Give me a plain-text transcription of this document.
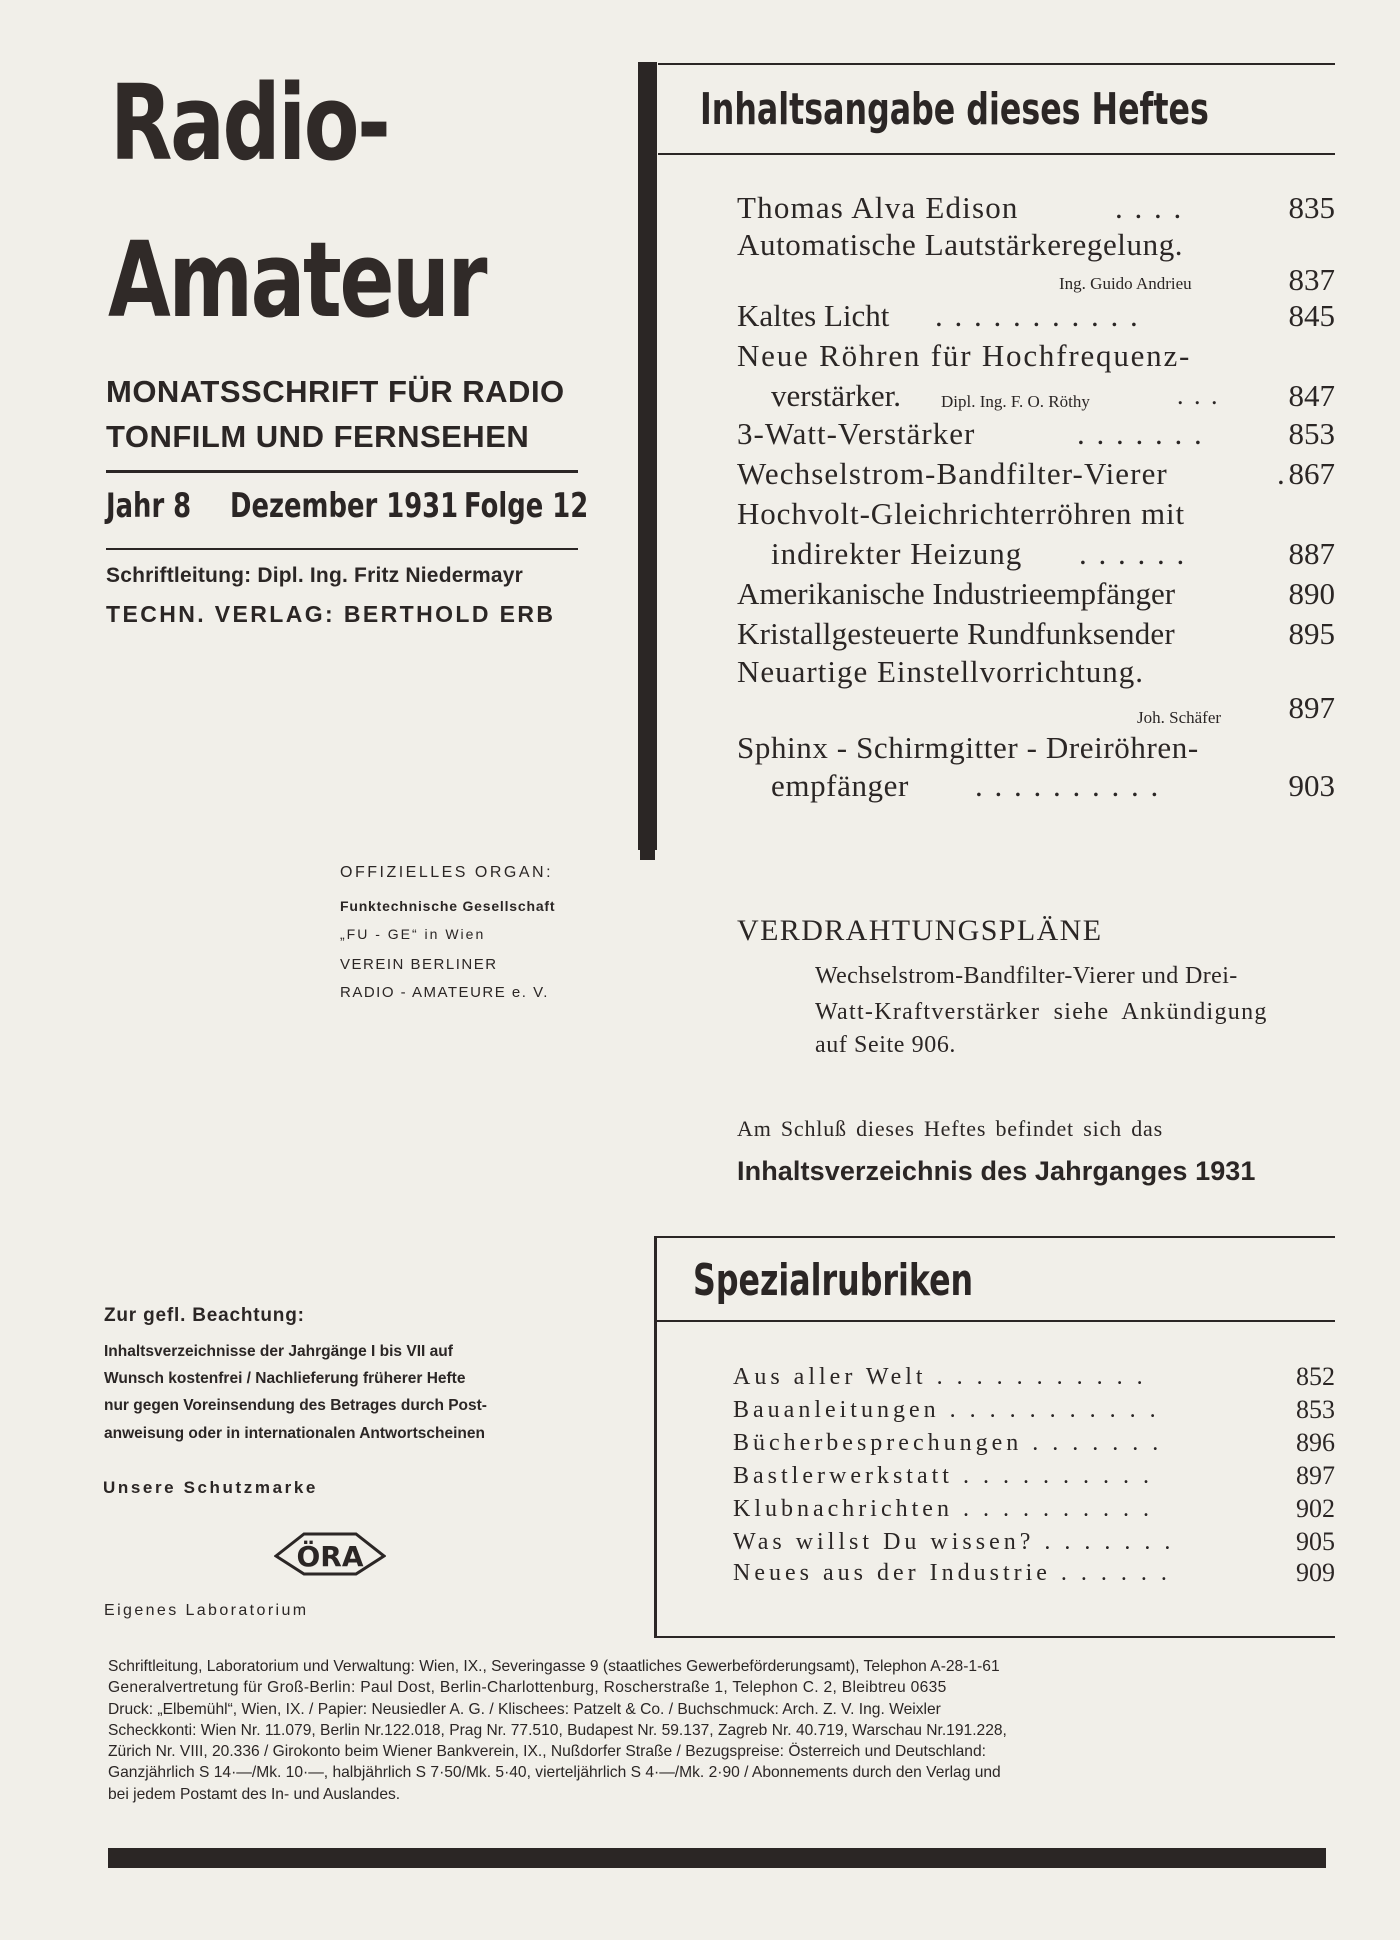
Radio-
Amateur
MONATSSCHRIFT FÜR RADIO
TONFILM UND FERNSEHEN
Jahr 8 Dezember 1931 Folge 12
Schriftleitung: Dipl. Ing. Fritz Niedermayr
TECHN. VERLAG: BERTHOLD ERB
OFFIZIELLES ORGAN:
Funktechnische Gesellschaft
„FU - GE“ in Wien
VEREIN BERLINER
RADIO - AMATEURE e. V.
Zur gefl. Beachtung:
Inhaltsverzeichnisse der Jahrgänge I bis VII auf
Wunsch kostenfrei / Nachlieferung früherer Hefte
nur gegen Voreinsendung des Betrages durch Post-
anweisung oder in internationalen Antwortscheinen
Unsere Schutzmarke
ÖRA
Eigenes Laboratorium
Inhaltsangabe dieses Heftes
Thomas Alva Edison	. . . .	835
Automatische Lautstärkeregelung.
Ing. Guido Andrieu	837
Kaltes Licht . . . . . . . . . . .	845
Neue Röhren für Hochfrequenz-
verstärker. Dipl. Ing. F. O. Röthy	. . . 847
3-Watt-Verstärker	. . . . . . .	853
Wechselstrom-Bandfilter-Vierer	. 867
Hochvolt-Gleichrichterröhren mit
indirekter Heizung . . . . . .	887
Amerikanische Industrieempfänger	890
Kristallgesteuerte Rundfunksender	895
Neuartige Einstellvorrichtung.
Joh. Schäfer 897
Sphinx - Schirmgitter - Dreiröhren-
empfänger . . . . . . . . . .	903
VERDRAHTUNGSPLÄNE
Wechselstrom-Bandfilter-Vierer und Drei-
Watt-Kraftverstärker siehe Ankündigung
auf Seite 906.
Am Schluß dieses Heftes befindet sich das
Inhaltsverzeichnis des Jahrganges 1931
Spezialrubriken
Aus aller Welt . . . . . . . . . . .	852
Bauanleitungen . . . . . . . . . . .	853
Bücherbesprechungen . . . . . . .	896
Bastlerwerkstatt . . . . . . . . . .	897
Klubnachrichten . . . . . . . . . .	902
Was willst Du wissen? . . . . . . .	905
Neues aus der Industrie . . . . . .	909
Schriftleitung, Laboratorium und Verwaltung: Wien, IX., Severingasse 9 (staatliches Gewerbeförderungsamt), Telephon A-28-1-61
Generalvertretung für Groß-Berlin: Paul Dost, Berlin-Charlottenburg, Roscherstraße 1, Telephon C. 2, Bleibtreu 0635
Druck: „Elbemühl“, Wien, IX. / Papier: Neusiedler A. G. / Klischees: Patzelt & Co. / Buchschmuck: Arch. Z. V. Ing. Weixler
Scheckkonti: Wien Nr. 11.079, Berlin Nr.122.018, Prag Nr. 77.510, Budapest Nr. 59.137, Zagreb Nr. 40.719, Warschau Nr.191.228,
Zürich Nr. VIII, 20.336 / Girokonto beim Wiener Bankverein, IX., Nußdorfer Straße / Bezugspreise: Österreich und Deutschland:
Ganzjährlich S 14·—/Mk. 10·—, halbjährlich S 7·50/Mk. 5·40, vierteljährlich S 4·—/Mk. 2·90 / Abonnements durch den Verlag und
bei jedem Postamt des In- und Auslandes.
